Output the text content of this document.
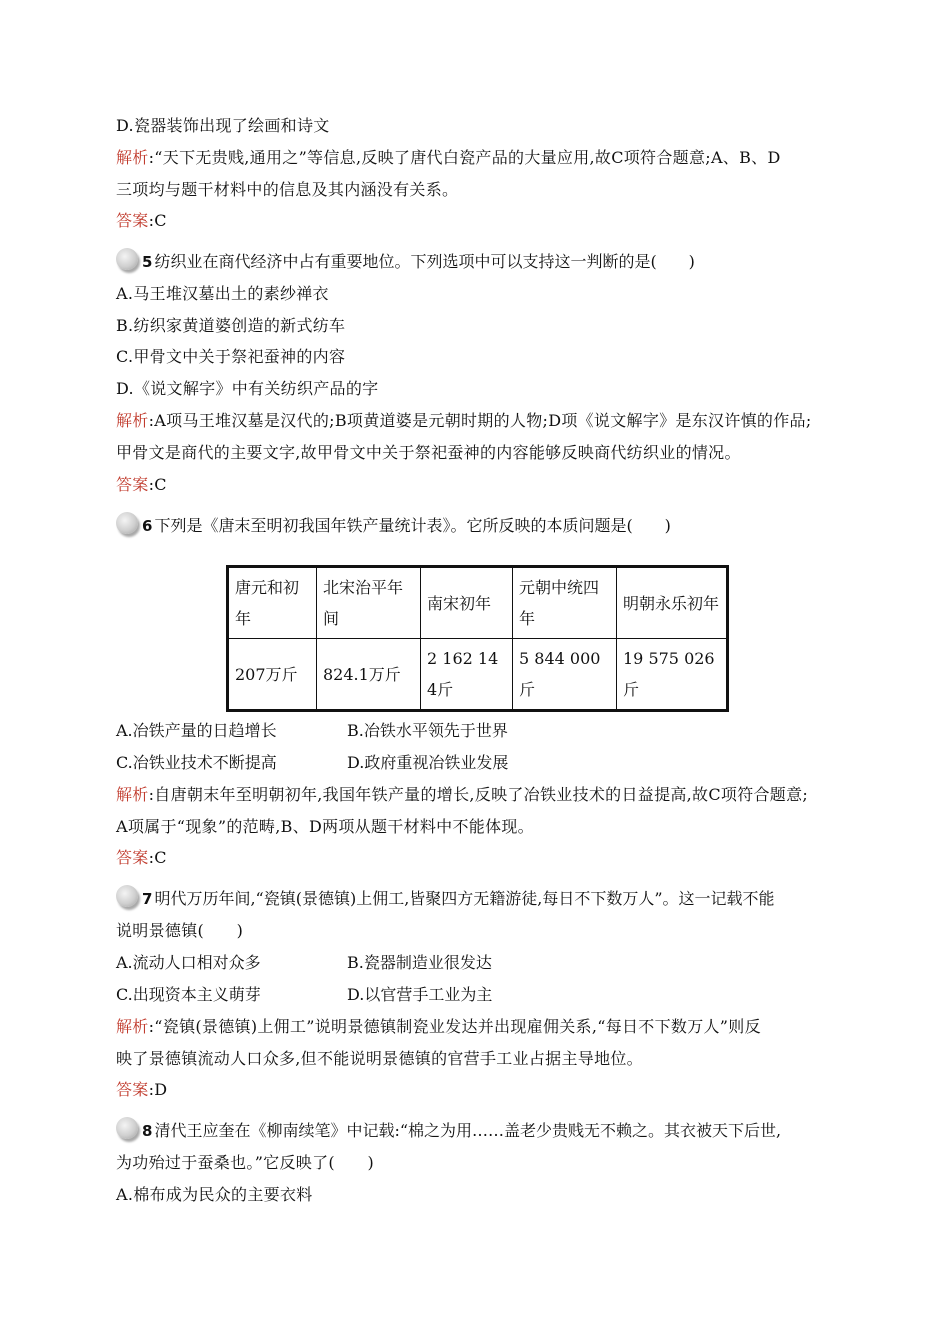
D.瓷器装饰出现了绘画和诗文
解析:“天下无贵贱,通用之”等信息,反映了唐代白瓷产品的大量应用,故C项符合题意;A、B、D
三项均与题干材料中的信息及其内涵没有关系。
答案:C
5 纺织业在商代经济中占有重要地位。下列选项中可以支持这一判断的是(　　)
A.马王堆汉墓出土的素纱禅衣
B.纺织家黄道婆创造的新式纺车
C.甲骨文中关于祭祀蚕神的内容
D.《说文解字》中有关纺织产品的字
解析:A项马王堆汉墓是汉代的;B项黄道婆是元朝时期的人物;D项《说文解字》是东汉许慎的作品;
甲骨文是商代的主要文字,故甲骨文中关于祭祀蚕神的内容能够反映商代纺织业的情况。
答案:C
6 下列是《唐末至明初我国年铁产量统计表》。它所反映的本质问题是(　　)
唐元和初年	北宋治平年间	南宋初年	元朝中统四年	明朝永乐初年
207万斤	824.1万斤	2 162 144斤	5 844 000斤	19 575 026斤
A.冶铁产量的日趋增长	B.冶铁水平领先于世界
C.冶铁业技术不断提高	D.政府重视冶铁业发展
解析:自唐朝末年至明朝初年,我国年铁产量的增长,反映了冶铁业技术的日益提高,故C项符合题意;
A项属于“现象”的范畴,B、D两项从题干材料中不能体现。
答案:C
7 明代万历年间,“瓷镇(景德镇)上佣工,皆聚四方无籍游徒,每日不下数万人”。这一记载不能
说明景德镇(　　)
A.流动人口相对众多	B.瓷器制造业很发达
C.出现资本主义萌芽	D.以官营手工业为主
解析:“瓷镇(景德镇)上佣工”说明景德镇制瓷业发达并出现雇佣关系,“每日不下数万人”则反
映了景德镇流动人口众多,但不能说明景德镇的官营手工业占据主导地位。
答案:D
8 清代王应奎在《柳南续笔》中记载:“棉之为用……盖老少贵贱无不赖之。其衣被天下后世,
为功殆过于蚕桑也。”它反映了(　　)
A.棉布成为民众的主要衣料
